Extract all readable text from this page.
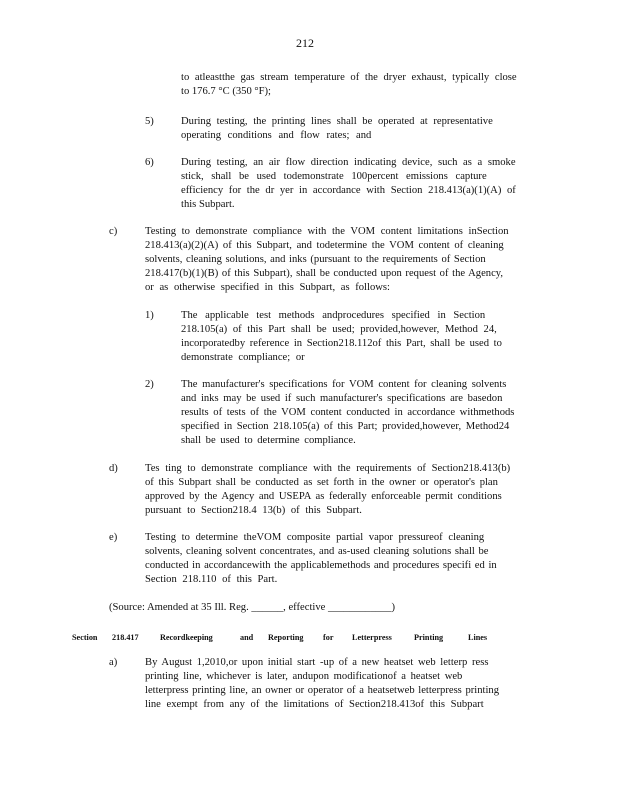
212
to atleastthe gas stream temperature of the dryer exhaust, typically close
to 176.7 °C (350 °F);
5)	During testing, the printing lines shall be operated at representative
operating conditions and flow rates; and
6)	During testing, an air flow direction indicating device, such as a smoke
stick, shall be used todemonstrate 100percent emissions capture
efficiency for the dr yer in accordance with Section 218.413(a)(1)(A) of
this Subpart.
c)	Testing to demonstrate compliance with the VOM content limitations inSection
218.413(a)(2)(A) of this Subpart, and todetermine the VOM content of cleaning
solvents, cleaning solutions, and inks (pursuant to the requirements of Section
218.417(b)(1)(B) of this Subpart), shall be conducted upon request of the Agency,
or as otherwise specified in this Subpart, as follows:
1)	The applicable test methods andprocedures specified in Section
218.105(a) of this Part shall be used; provided,however, Method 24,
incorporatedby reference in Section218.112of this Part, shall be used to
demonstrate compliance; or
2)	The manufacturer's specifications for VOM content for cleaning solvents
and inks may be used if such manufacturer's specifications are basedon
results of tests of the VOM content conducted in accordance withmethods
specified in Section 218.105(a) of this Part; provided,however, Method24
shall be used to determine compliance.
d)	Tes ting to demonstrate compliance with the requirements of Section218.413(b)
of this Subpart shall be conducted as set forth in the owner or operator's plan
approved by the Agency and USEPA as federally enforceable permit conditions
pursuant to Section218.4 13(b) of this Subpart.
e)	Testing to determine theVOM composite partial vapor pressureof cleaning
solvents, cleaning solvent concentrates, and as-used cleaning solutions shall be
conducted in accordancewith the applicablemethods and procedures specifi ed in
Section 218.110 of this Part.
(Source: Amended at 35 Ill. Reg. ______, effective ____________)
Section	218.417	Recordkeeping	and	Reporting	for	Letterpress	Printing	Lines
a)	By August 1,2010,or upon initial start -up of a new heatset web letterp ress
printing line, whichever is later, andupon modificationof a heatset web
letterpress printing line, an owner or operator of a heatsetweb letterpress printing
line exempt from any of the limitations of Section218.413of this Subpart
